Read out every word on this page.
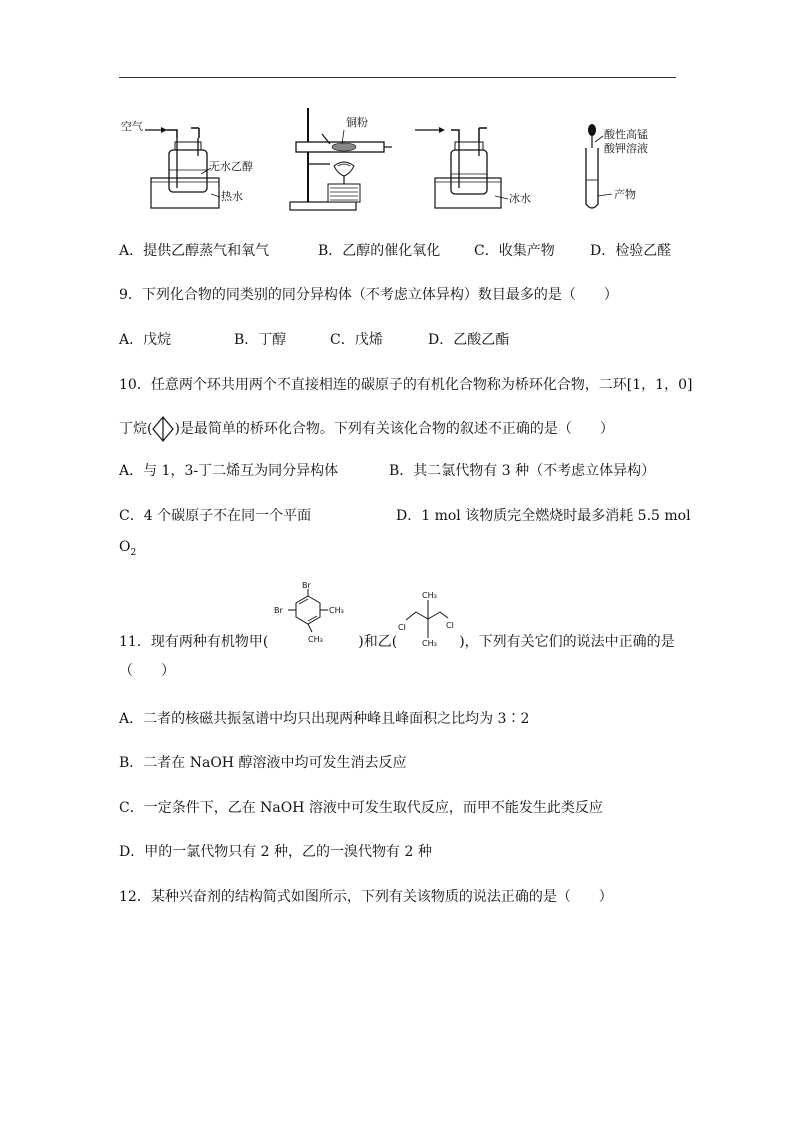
空气
无水乙醇
热水
铜粉
冰水
酸性高锰
酸钾溶液
产物
A．提供乙醇蒸气和氧气	B．乙醇的催化氧化 C．收集产物	D．检验乙醛
9．下列化合物的同类别的同分异构体（不考虑立体异构）数目最多的是（　　）
A．戊烷	B．丁醇	C．戊烯	D．乙酸乙酯
10．任意两个环共用两个不直接相连的碳原子的有机化合物称为桥环化合物，二环[1，1，0]
丁烷( )是最简单的桥环化合物。下列有关该化合物的叙述不正确的是（　　）
A．与 1，3-丁二烯互为同分异构体	B．其二氯代物有 3 种（不考虑立体异构）
C．4 个碳原子不在同一个平面	D．1 mol 该物质完全燃烧时最多消耗 5.5 mol
$O_2$
11．现有两种有机物甲(	)和乙(	)，下列有关它们的说法中正确的是
Br
Br	CH₃
CH₃
CH₃
CH₃
Cl	Cl
（　　）
A．二者的核磁共振氢谱中均只出现两种峰且峰面积之比均为 3∶2
B．二者在 NaOH 醇溶液中均可发生消去反应
C．一定条件下，乙在 NaOH 溶液中可发生取代反应，而甲不能发生此类反应
D．甲的一氯代物只有 2 种，乙的一溴代物有 2 种
12．某种兴奋剂的结构简式如图所示，下列有关该物质的说法正确的是（　　）
